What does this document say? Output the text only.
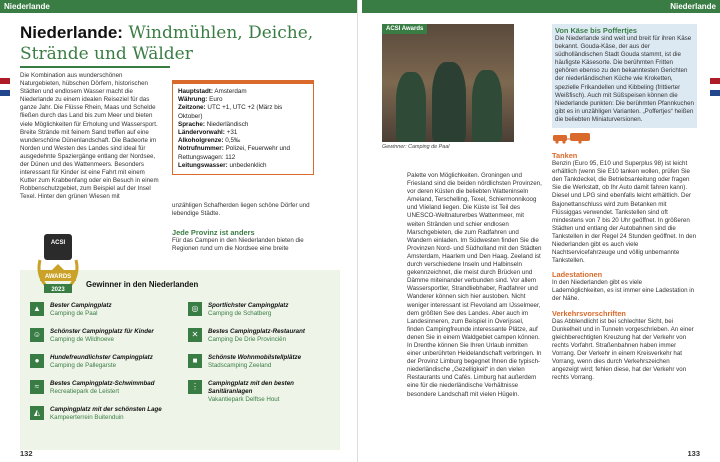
Niederlande
Niederlande: Windmühlen, Deiche, Strände und Wälder
Die Kombination aus wunderschönen Naturgebieten, hübschen Dörfern, historischen Städten und endlosem Wasser macht die Niederlande zu einem idealen Reiseziel für das ganze Jahr. Die Flüsse Rhein, Maas und Schelde fließen durch das Land bis zum Meer und bieten viele Möglichkeiten für Erholung und Wassersport. Breite Strände mit feinem Sand treffen auf eine wunderschöne Dünenlandschaft. Die Badeorte im Norden und Westen des Landes sind ideal für ausgedehnte Spaziergänge entlang der Nordsee, der Dünen und des Wattenmeers. Besonders interessant für Kinder ist eine Fahrt mit einem Kutter zum Krabbenfang oder ein Besuch in einem Robbenschutzgebiet, zum Beispiel auf der Insel Texel. Hinter den grünen Wiesen mit

Hauptstadt: Amsterdam

Währung: Euro

Zeitzone: UTC +1, UTC +2 (März bis Oktober)

Sprache: Niederländisch

Ländervorwahl: +31

Alkoholgrenze: 0,5‰

Notrufnummer: Polizei, Feuerwehr und Rettungswagen: 112

Leitungswasser: unbedenklich

unzähligen Schafherden liegen schöne Dörfer und lebendige Städte.
Jede Provinz ist anders
Für das Campen in den Niederlanden bieten die Regionen rund um die Nordsee eine breite
ACSI
AWARDS
2023
Gewinner in den Niederlanden
▲	Bester Campingplatz
Camping de Paal
◎	Sportlichster Campingplatz
Camping de Schatberg
☺	Schönster Campingplatz für Kinder
Camping de Wildhoeve
✕	Bestes Campingplatz-Restaurant
Camping De Drie Provinciën
●	Hundefreundlichster Campingplatz
Camping de Pallegarste
■	Schönste Wohnmobilstellplätze
Stadscamping Zeeland
≈	Bestes Campingplatz-Schwimmbad
Recreatiepark de Leistert
⋮	Campingplatz mit den besten Sanitäranlagen
Vakantiepark Delftse Hout
◭	Campingplatz mit der schönsten Lage
Kampeerterrein Buitenduin
132
Niederlande
ACSI Awards
Gewinner: Camping de Paal
Palette von Möglichkeiten. Groningen und Friesland sind die beiden nördlichsten Provinzen, vor deren Küsten die beliebten Watteninseln Ameland, Terschelling, Texel, Schiermonnikoog und Vlieland liegen. Die Küste ist Teil des UNESCO-Weltnaturerbes Wattenmeer, mit weiten Stränden und schier endlosen Marschgebieten, die zum Radfahren und Wandern einladen. Im Südwesten finden Sie die Provinzen Nord- und Südholland mit den Städten Amsterdam, Haarlem und Den Haag. Zeeland ist durch verschiedene Inseln und Halbinseln gekennzeichnet, die meist durch Brücken und Dämme miteinander verbunden sind. Vor allem Wassersportler, Strandliebhaber, Radfahrer und Wanderer können sich hier austoben. Nicht weniger interessant ist Flevoland am IJsselmeer, dem größten See des Landes. Aber auch im Landesinneren, zum Beispiel in Overijssel, finden Campingfreunde interessante Plätze, auf denen Sie in einem Waldgebiet campen können. In Drenthe können Sie Ihren Urlaub inmitten einer unberührten Heidelandschaft verbringen. In der Provinz Limburg begegnet Ihnen die typisch-niederländische „Gezelligkeit“ in den vielen Restaurants und Cafés. Limburg hat außerdem eine für die niederländische Verhältnisse besondere Landschaft mit vielen Hügeln.
Von Käse bis Poffertjes
Die Niederlande sind weit und breit für ihren Käse bekannt. Gouda-Käse, der aus der südholländischen Stadt Gouda stammt, ist die häufigste Käsesorte. Die berühmten Fritten gehören ebenso zu den bekanntesten Gerichten der niederländischen Küche wie Kroketten, spezielle Frikandellen und Kibbeling (frittierter Weißfisch). Auch mit Süßspeisen können die Niederlande punkten: Die berühmten Pfannkuchen gibt es in unzähligen Varianten. „Poffertjes“ heißen die beliebten Miniaturversionen.
Tanken
Benzin (Euro 95, E10 und Superplus 98) ist leicht erhältlich (wenn Sie E10 tanken wollen, prüfen Sie den Tankdeckel, die Betriebsanleitung oder fragen Sie die Werkstatt, ob Ihr Auto damit fahren kann). Diesel und LPG sind ebenfalls leicht erhältlich. Der Bajonettanschluss wird zum Betanken mit Flüssiggas verwendet. Tankstellen sind oft mindestens von 7 bis 20 Uhr geöffnet. In größeren Städten und entlang der Autobahnen sind die Tankstellen in der Regel 24 Stunden geöffnet. In den Niederlanden gibt es auch viele Nachtservicefahrzeuge und völlig unbemannte Tankstellen.
Ladestationen
In den Niederlanden gibt es viele Lademöglichkeiten, es ist immer eine Ladestation in der Nähe.
Verkehrsvorschriften
Das Abblendlicht ist bei schlechter Sicht, bei Dunkelheit und in Tunneln vorgeschrieben. An einer gleichberechtigten Kreuzung hat der Verkehr von rechts Vorfahrt. Straßenbahnen haben immer Vorrang. Der Verkehr in einem Kreisverkehr hat Vorrang, wenn dies durch Verkehrszeichen angezeigt wird; fehlen diese, hat der Verkehr von rechts Vorrang.
133
